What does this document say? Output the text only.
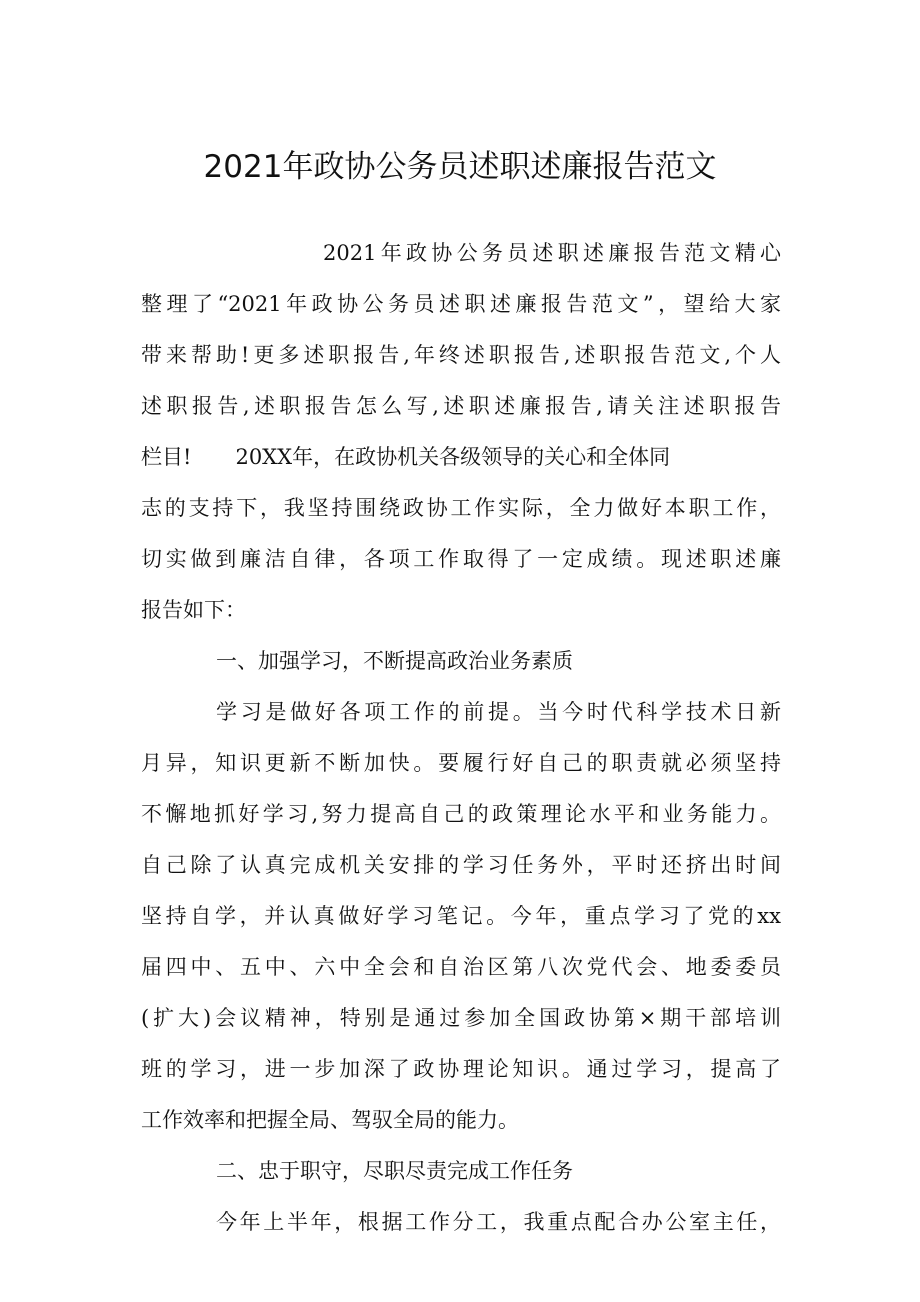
2021年政协公务员述职述廉报告范文
2021年政协公务员述职述廉报告范文精心
整理了“2021年政协公务员述职述廉报告范文”，望给大家
带来帮助!更多述职报告,年终述职报告,述职报告范文,个人
述职报告,述职报告怎么写,述职述廉报告,请关注述职报告
栏目! 20XX年，在政协机关各级领导的关心和全体同
志的支持下，我坚持围绕政协工作实际，全力做好本职工作，
切实做到廉洁自律，各项工作取得了一定成绩。现述职述廉
报告如下：
一、加强学习，不断提高政治业务素质
学习是做好各项工作的前提。当今时代科学技术日新
月异，知识更新不断加快。要履行好自己的职责就必须坚持
不懈地抓好学习,努力提高自己的政策理论水平和业务能力。
自己除了认真完成机关安排的学习任务外，平时还挤出时间
坚持自学，并认真做好学习笔记。今年，重点学习了党的xx
届四中、五中、六中全会和自治区第八次党代会、地委委员
(扩大)会议精神，特别是通过参加全国政协第×期干部培训
班的学习，进一步加深了政协理论知识。通过学习，提高了
工作效率和把握全局、驾驭全局的能力。
二、忠于职守，尽职尽责完成工作任务
今年上半年，根据工作分工，我重点配合办公室主任，
